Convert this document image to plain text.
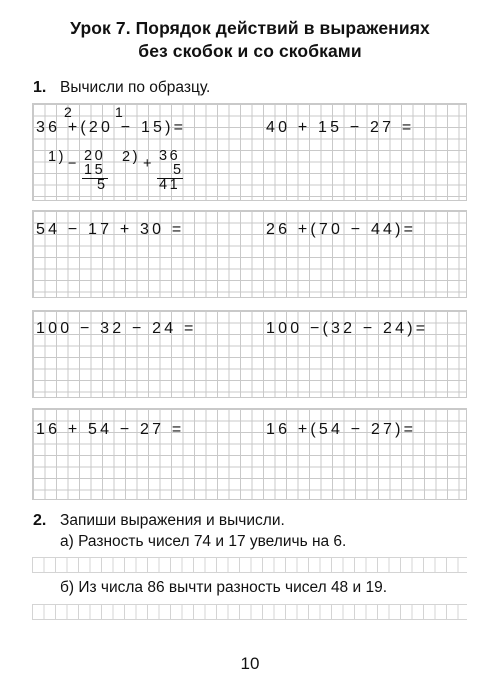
Урок 7. Порядок действий в выражениях
без скобок и со скобками
1. Вычисли по образцу.
2	1
36 +(20 − 15)=
1) − 20
15
5
2) + 36
5
41
40 + 15 − 27 =
54 − 17 + 30 =	26 +(70 − 44)=
100 − 32 − 24 =	100 −(32 − 24)=
16 + 54 − 27 =	16 +(54 − 27)=
2. Запиши выражения и вычисли.
а) Разность чисел 74 и 17 увеличь на 6.
б) Из числа 86 вычти разность чисел 48 и 19.
10
